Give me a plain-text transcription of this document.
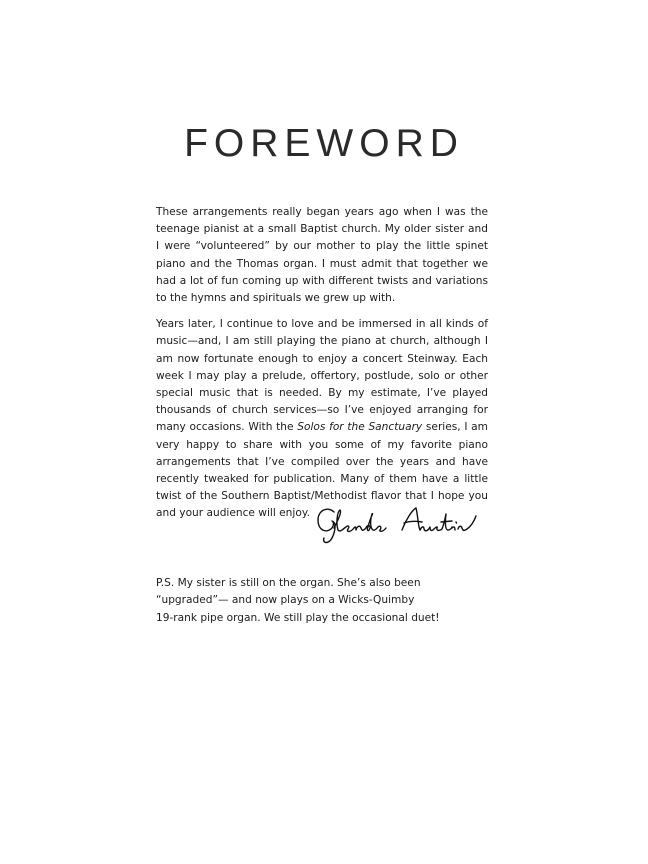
FOREWORD

These arrangements really began years ago when I was the teenage pianist at a small Baptist church. My older sister and I were “volunteered” by our mother to play the little spinet piano and the Thomas organ. I must admit that together we had a lot of fun coming up with different twists and variations to the hymns and spirituals we grew up with.

Years later, I continue to love and be immersed in all kinds of music—and, I am still playing the piano at church, although I am now fortunate enough to enjoy a concert Steinway. Each week I may play a prelude, offertory, postlude, solo or other special music that is needed. By my estimate, I’ve played thousands of church services—so I’ve enjoyed arranging for many occasions. With the Solos for the Sanctuary series, I am very happy to share with you some of my favorite piano arrangements that I’ve compiled over the years and have recently tweaked for publication. Many of them have a little twist of the Southern Baptist/Methodist flavor that I hope you and your audience will enjoy.

P.S. My sister is still on the organ. She’s also been
“upgraded”— and now plays on a Wicks-Quimby
19-rank pipe organ. We still play the occasional duet!
